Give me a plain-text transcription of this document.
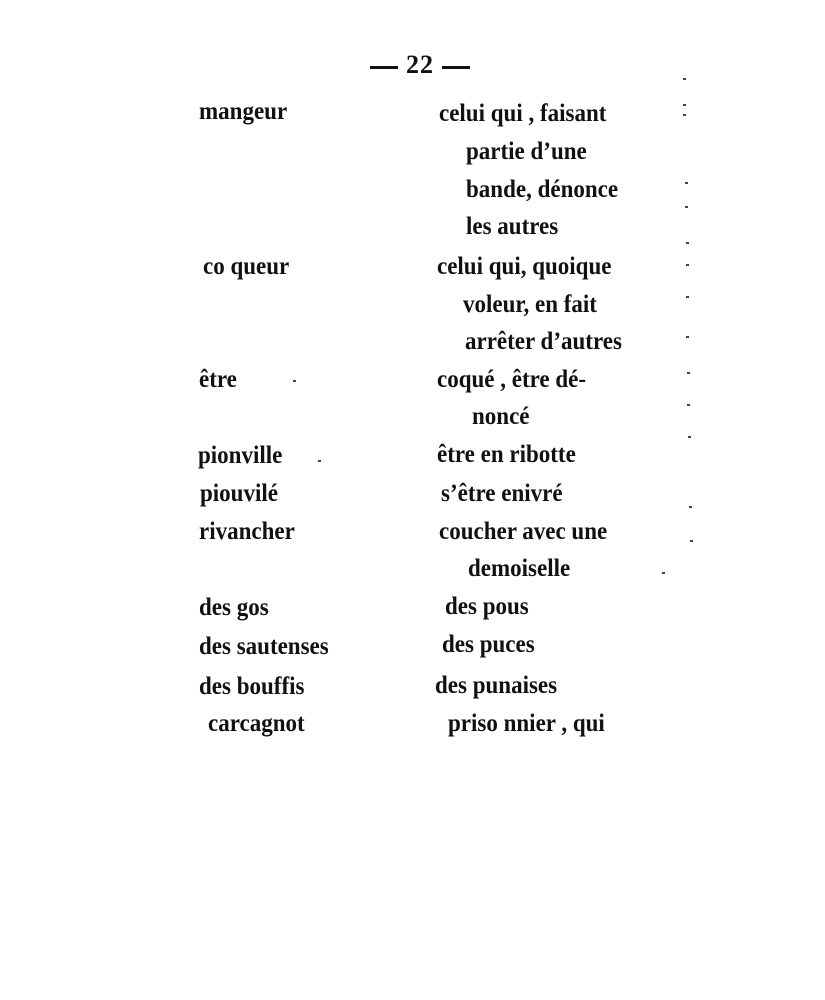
22
mangeur	celui qui , faisant
partie d’une
bande, dénonce
les autres
co queur	celui qui, quoique
voleur, en fait
arrêter d’autres
être	coqué , être dé-
noncé
pionville	être en ribotte
piouvilé	s’être enivré
rivancher	coucher avec une
demoiselle
des gos	des pous
des sautenses	des puces
des bouffis	des punaises
carcagnot	priso nnier , qui
